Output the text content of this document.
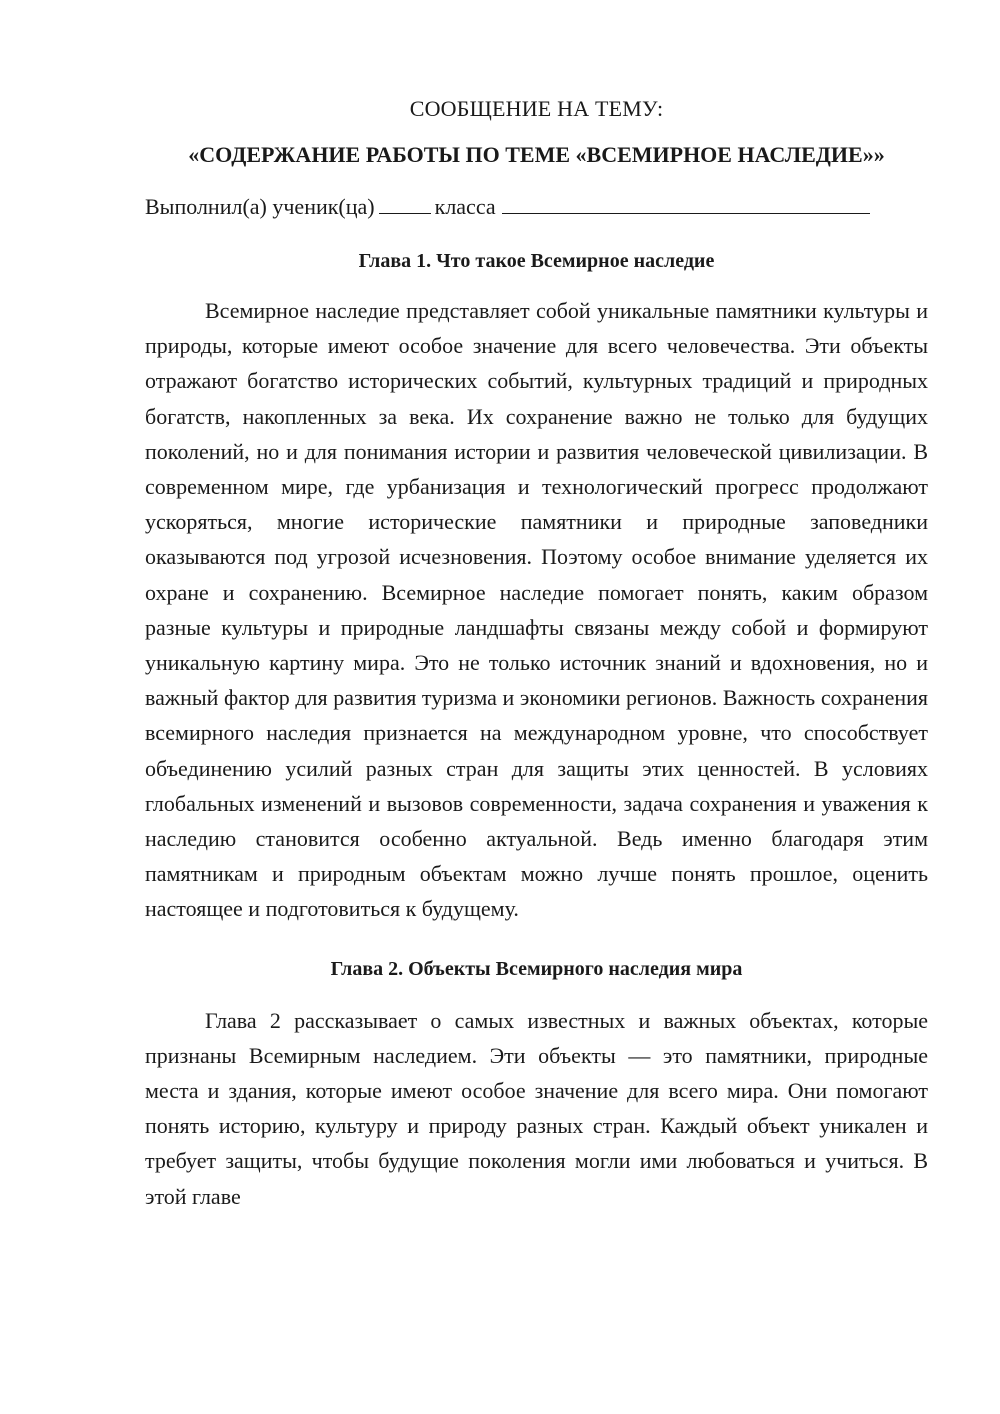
СООБЩЕНИЕ НА ТЕМУ:

«СОДЕРЖАНИЕ РАБОТЫ ПО ТЕМЕ «ВСЕМИРНОЕ НАСЛЕДИЕ»»

Выполнил(а) ученик(ца)	класса

Глава 1. Что такое Всемирное наследие

Всемирное наследие представляет собой уникальные памятники культуры и природы, которые имеют особое значение для всего человечества. Эти объекты отражают богатство исторических событий, культурных традиций и природных богатств, накопленных за века. Их сохранение важно не только для будущих поколений, но и для понимания истории и развития человеческой цивилизации. В современном мире, где урбанизация и технологический прогресс продолжают ускоряться, многие исторические памятники и природные заповедники оказываются под угрозой исчезновения. Поэтому особое внимание уделяется их охране и сохранению. Всемирное наследие помогает понять, каким образом разные культуры и природные ландшафты связаны между собой и формируют уникальную картину мира. Это не только источник знаний и вдохновения, но и важный фактор для развития туризма и экономики регионов. Важность сохранения всемирного наследия признается на международном уровне, что способствует объединению усилий разных стран для защиты этих ценностей. В условиях глобальных изменений и вызовов современности, задача сохранения и уважения к наследию становится особенно актуальной. Ведь именно благодаря этим памятникам и природным объектам можно лучше понять прошлое, оценить настоящее и подготовиться к будущему.

Глава 2. Объекты Всемирного наследия мира

Глава 2 рассказывает о самых известных и важных объектах, которые признаны Всемирным наследием. Эти объекты — это памятники, природные места и здания, которые имеют особое значение для всего мира. Они помогают понять историю, культуру и природу разных стран. Каждый объект уникален и требует защиты, чтобы будущие поколения могли ими любоваться и учиться. В этой главе
